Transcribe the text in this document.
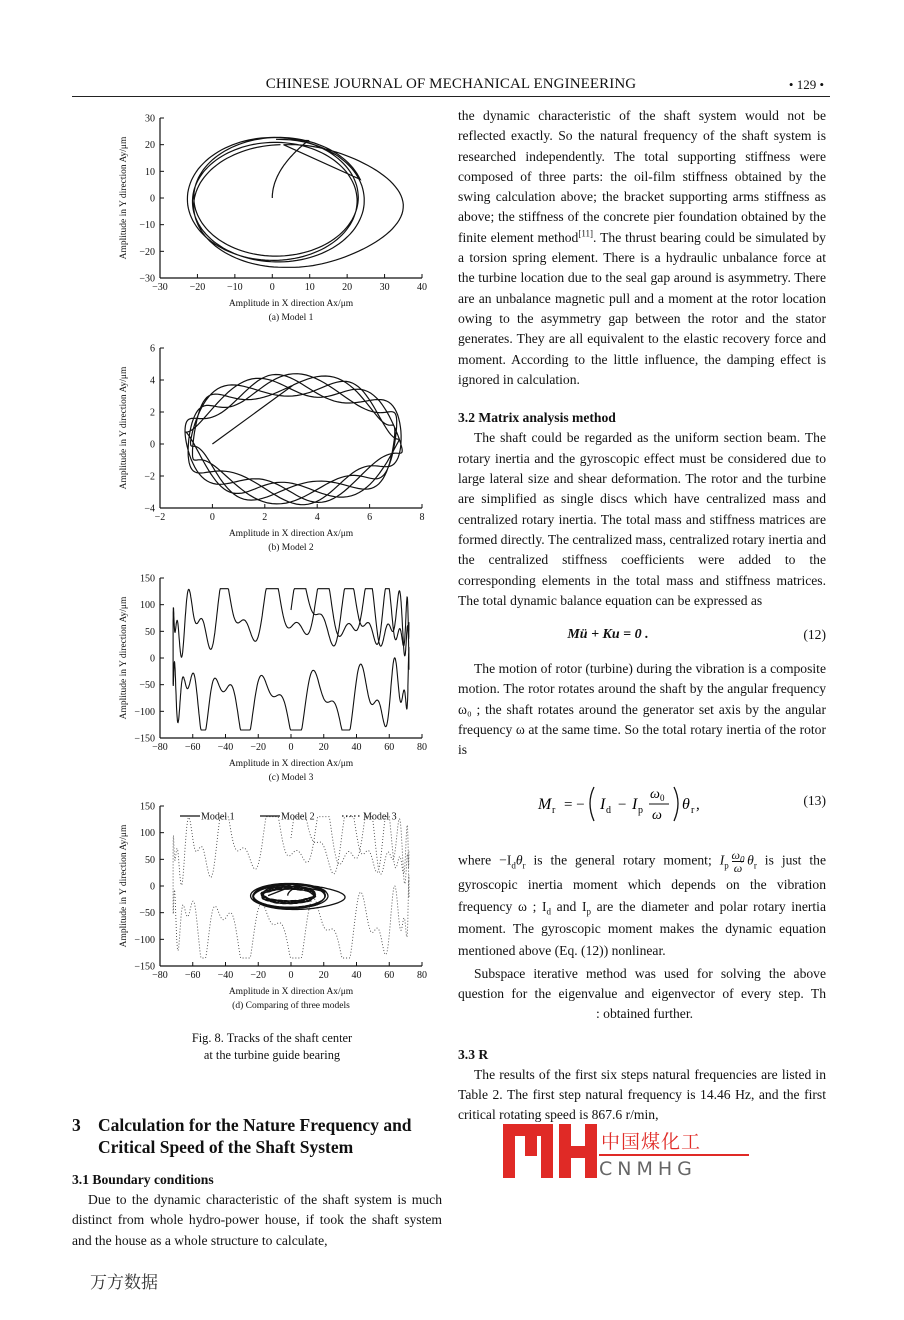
CHINESE JOURNAL OF MECHANICAL ENGINEERING	• 129 •
−30 −20 −10	0	10	20	30	40
30
20
10
0
−10
−20
−30
Amplitude in X direction Ax/μm
Amplitude in Y direction Ay/μm
(a) Model 1
−2	0	2	4	6	8
6
4
2
0
−2
−4
Amplitude in X direction Ax/μm
Amplitude in Y direction Ay/μm
(b) Model 2
−80 −60 −40 −20 0	20 40 60 80
150
100
50
0
−50
−100
−150
Amplitude in X direction Ax/μm
Amplitude in Y direction Ay/μm
(c) Model 3
−80 −60 −40 −20 0	20 40 60 80
150
100
50
0
−50
−100
−150
Amplitude in X direction Ax/μm
Amplitude in Y direction Ay/μm
(d) Comparing of three models
Model 1	Model 2	Model 3
Fig. 8. Tracks of the shaft center
at the turbine guide bearing
3 Calculation for the Nature Frequency and Critical Speed of the Shaft System
3.1 Boundary conditions

Due to the dynamic characteristic of the shaft system is much distinct from whole hydro-power house, if took the shaft system and the house as a whole structure to calculate,

the dynamic characteristic of the shaft system would not be reflected exactly. So the natural frequency of the shaft system is researched independently. The total supporting stiffness were composed of three parts: the oil-film stiffness obtained by the swing calculation above; the bracket supporting arms stiffness as above; the stiffness of the concrete pier foundation obtained by the finite element method[11]. The thrust bearing could be simulated by a torsion spring element. There is a hydraulic unbalance force at the turbine location due to the seal gap around is asymmetry. There are an unbalance magnetic pull and a moment at the rotor location owing to the asymmetry gap between the rotor and the stator generates. They are all equivalent to the elastic recovery force and moment. According to the little influence, the damping effect is ignored in calculation.

3.2 Matrix analysis method

The shaft could be regarded as the uniform section beam. The rotary inertia and the gyroscopic effect must be considered due to large lateral size and shear deformation. The rotor and the turbine are simplified as single discs which have centralized mass and centralized rotary inertia. The total mass and stiffness matrices are formed directly. The centralized mass, centralized rotary inertia and the centralized stiffness coefficients were added to the corresponding elements in the total mass and stiffness matrices. The total dynamic balance equation can be expressed as

Mü + Ku = 0 .	(12)

The motion of rotor (turbine) during the vibration is a composite motion. The rotor rotates around the shaft by the angular frequency ω₀ ; the shaft rotates around the generator set axis by the angular frequency ω at the same time. So the total rotary inertia of the rotor is

M r = − I d − I p
ω 0
ω
θ r ,	(13)

where $-I_d\theta_r$ is the general rotary moment; $I_p$ $\omega_0$
ω $\theta_r$ is just the gyroscopic inertia moment which depends on the vibration frequency ω ; $I_d$ and $I_p$ are the diameter and polar rotary inertia moment. The gyroscopic moment makes the dynamic equation mentioned above (Eq. (12)) nonlinear.

Subspace iterative method was used for solving the above question for the eigenvalue and eigenvector of every step. Th: obtained further.

3.3 R

The results of the first six steps natural frequencies are listed in Table 2. The first step natural frequency is 14.46 Hz, and the first critical rotating speed is 867.6 r/min,

中国煤化工
CNMHG
万方数据
